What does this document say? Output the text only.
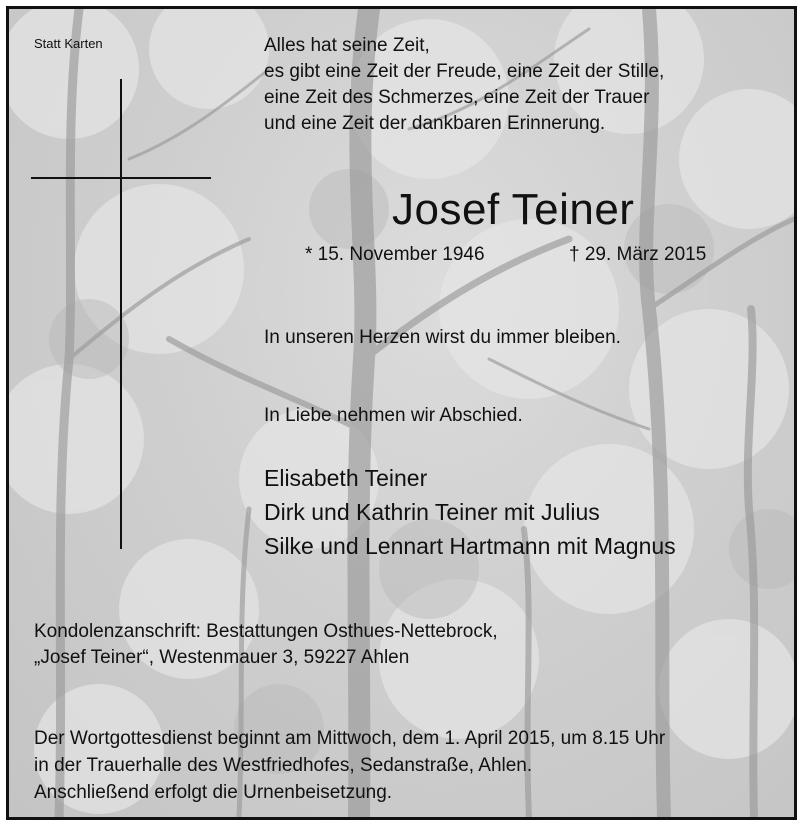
Statt Karten	Alles hat seine Zeit,
es gibt eine Zeit der Freude, eine Zeit der Stille,
eine Zeit des Schmerzes, eine Zeit der Trauer
und eine Zeit der dankbaren Erinnerung.

Josef Teiner

* 15. November 1946	† 29. März 2015

In unseren Herzen wirst du immer bleiben.

In Liebe nehmen wir Abschied.

Elisabeth Teiner
Dirk und Kathrin Teiner mit Julius
Silke und Lennart Hartmann mit Magnus

Kondolenzanschrift: Bestattungen Osthues-Nettebrock,
„Josef Teiner“, Westenmauer 3, 59227 Ahlen

Der Wortgottesdienst beginnt am Mittwoch, dem 1. April 2015, um 8.15 Uhr
in der Trauerhalle des Westfriedhofes, Sedanstraße, Ahlen.
Anschließend erfolgt die Urnenbeisetzung.
